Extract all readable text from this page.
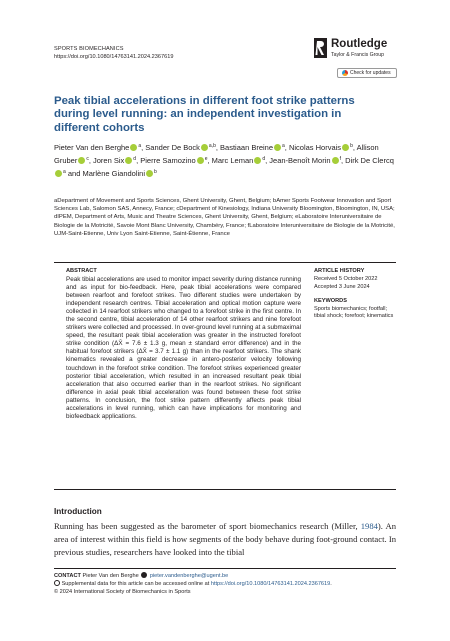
SPORTS BIOMECHANICS
https://doi.org/10.1080/14763141.2024.2367619
Routledge
Taylor & Francis Group
Check for updates
Peak tibial accelerations in different foot strike patterns during level running: an independent investigation in different cohorts
Pieter Van den Berghe $^a$, Sander De Bock $^{a,b}$, Bastiaan Breine $^a$, Nicolas Horvais $^b$, Allison Gruber $^c$, Joren Six $^d$, Pierre Samozino $^e$, Marc Leman $^d$, Jean-Benoît Morin $^f$, Dirk De Clercq$^a$ and Marlène Giandolini $^b$
aDepartment of Movement and Sports Sciences, Ghent University, Ghent, Belgium; bAmer Sports Footwear Innovation and Sport Sciences Lab, Salomon SAS, Annecy, France; cDepartment of Kinesiology, Indiana University Bloomington, Bloomington, IN, USA; dIPEM, Department of Arts, Music and Theatre Sciences, Ghent University, Ghent, Belgium; eLaboratoire Interuniversitaire de Biologie de la Motricité, Savoie Mont Blanc University, Chambéry, France; fLaboratoire Interuniversitaire de Biologie de la Motricité, UJM-Saint-Etienne, Univ Lyon Saint-Etienne, Saint-Étienne, France
ABSTRACT
Peak tibial accelerations are used to monitor impact severity during distance running and as input for bio-feedback. Here, peak tibial accelerations were compared between rearfoot and forefoot strikes. Two different studies were undertaken by independent research centres. Tibial acceleration and optical motion capture were collected in 14 rearfoot strikers who changed to a forefoot strike in the first centre. In the second centre, tibial acceleration of 14 other rearfoot strikers and nine forefoot strikers were collected and processed. In over-ground level running at a submaximal speed, the resultant peak tibial acceleration was greater in the instructed forefoot strike condition (ΔX̄ = 7.6 ± 1.3 g, mean ± standard error difference) and in the habitual forefoot strikers (ΔX̄ = 3.7 ± 1.1 g) than in the rearfoot strikers. The shank kinematics revealed a greater decrease in antero-posterior velocity following touchdown in the forefoot strike condition. The forefoot strikes experienced greater posterior tibial acceleration, which resulted in an increased resultant peak tibial acceleration that also occurred earlier than in the rearfoot strikes. No significant difference in axial peak tibial acceleration was found between these foot strike patterns. In conclusion, the foot strike pattern differently affects peak tibial accelerations in level running, which can have implications for monitoring and biofeedback applications.
ARTICLE HISTORY
Received 5 October 2022
Accepted 3 June 2024
KEYWORDS
Sports biomechanics; footfall; tibial shock; forefoot; kinematics
Introduction
Running has been suggested as the barometer of sport biomechanics research (Miller, 1984). An area of interest within this field is how segments of the body behave during foot-ground contact. In previous studies, researchers have looked into the tibial
CONTACT Pieter Van den Berghe pieter.vandenberghe@ugent.be
Supplemental data for this article can be accessed online at https://doi.org/10.1080/14763141.2024.2367619.
© 2024 International Society of Biomechanics in Sports
